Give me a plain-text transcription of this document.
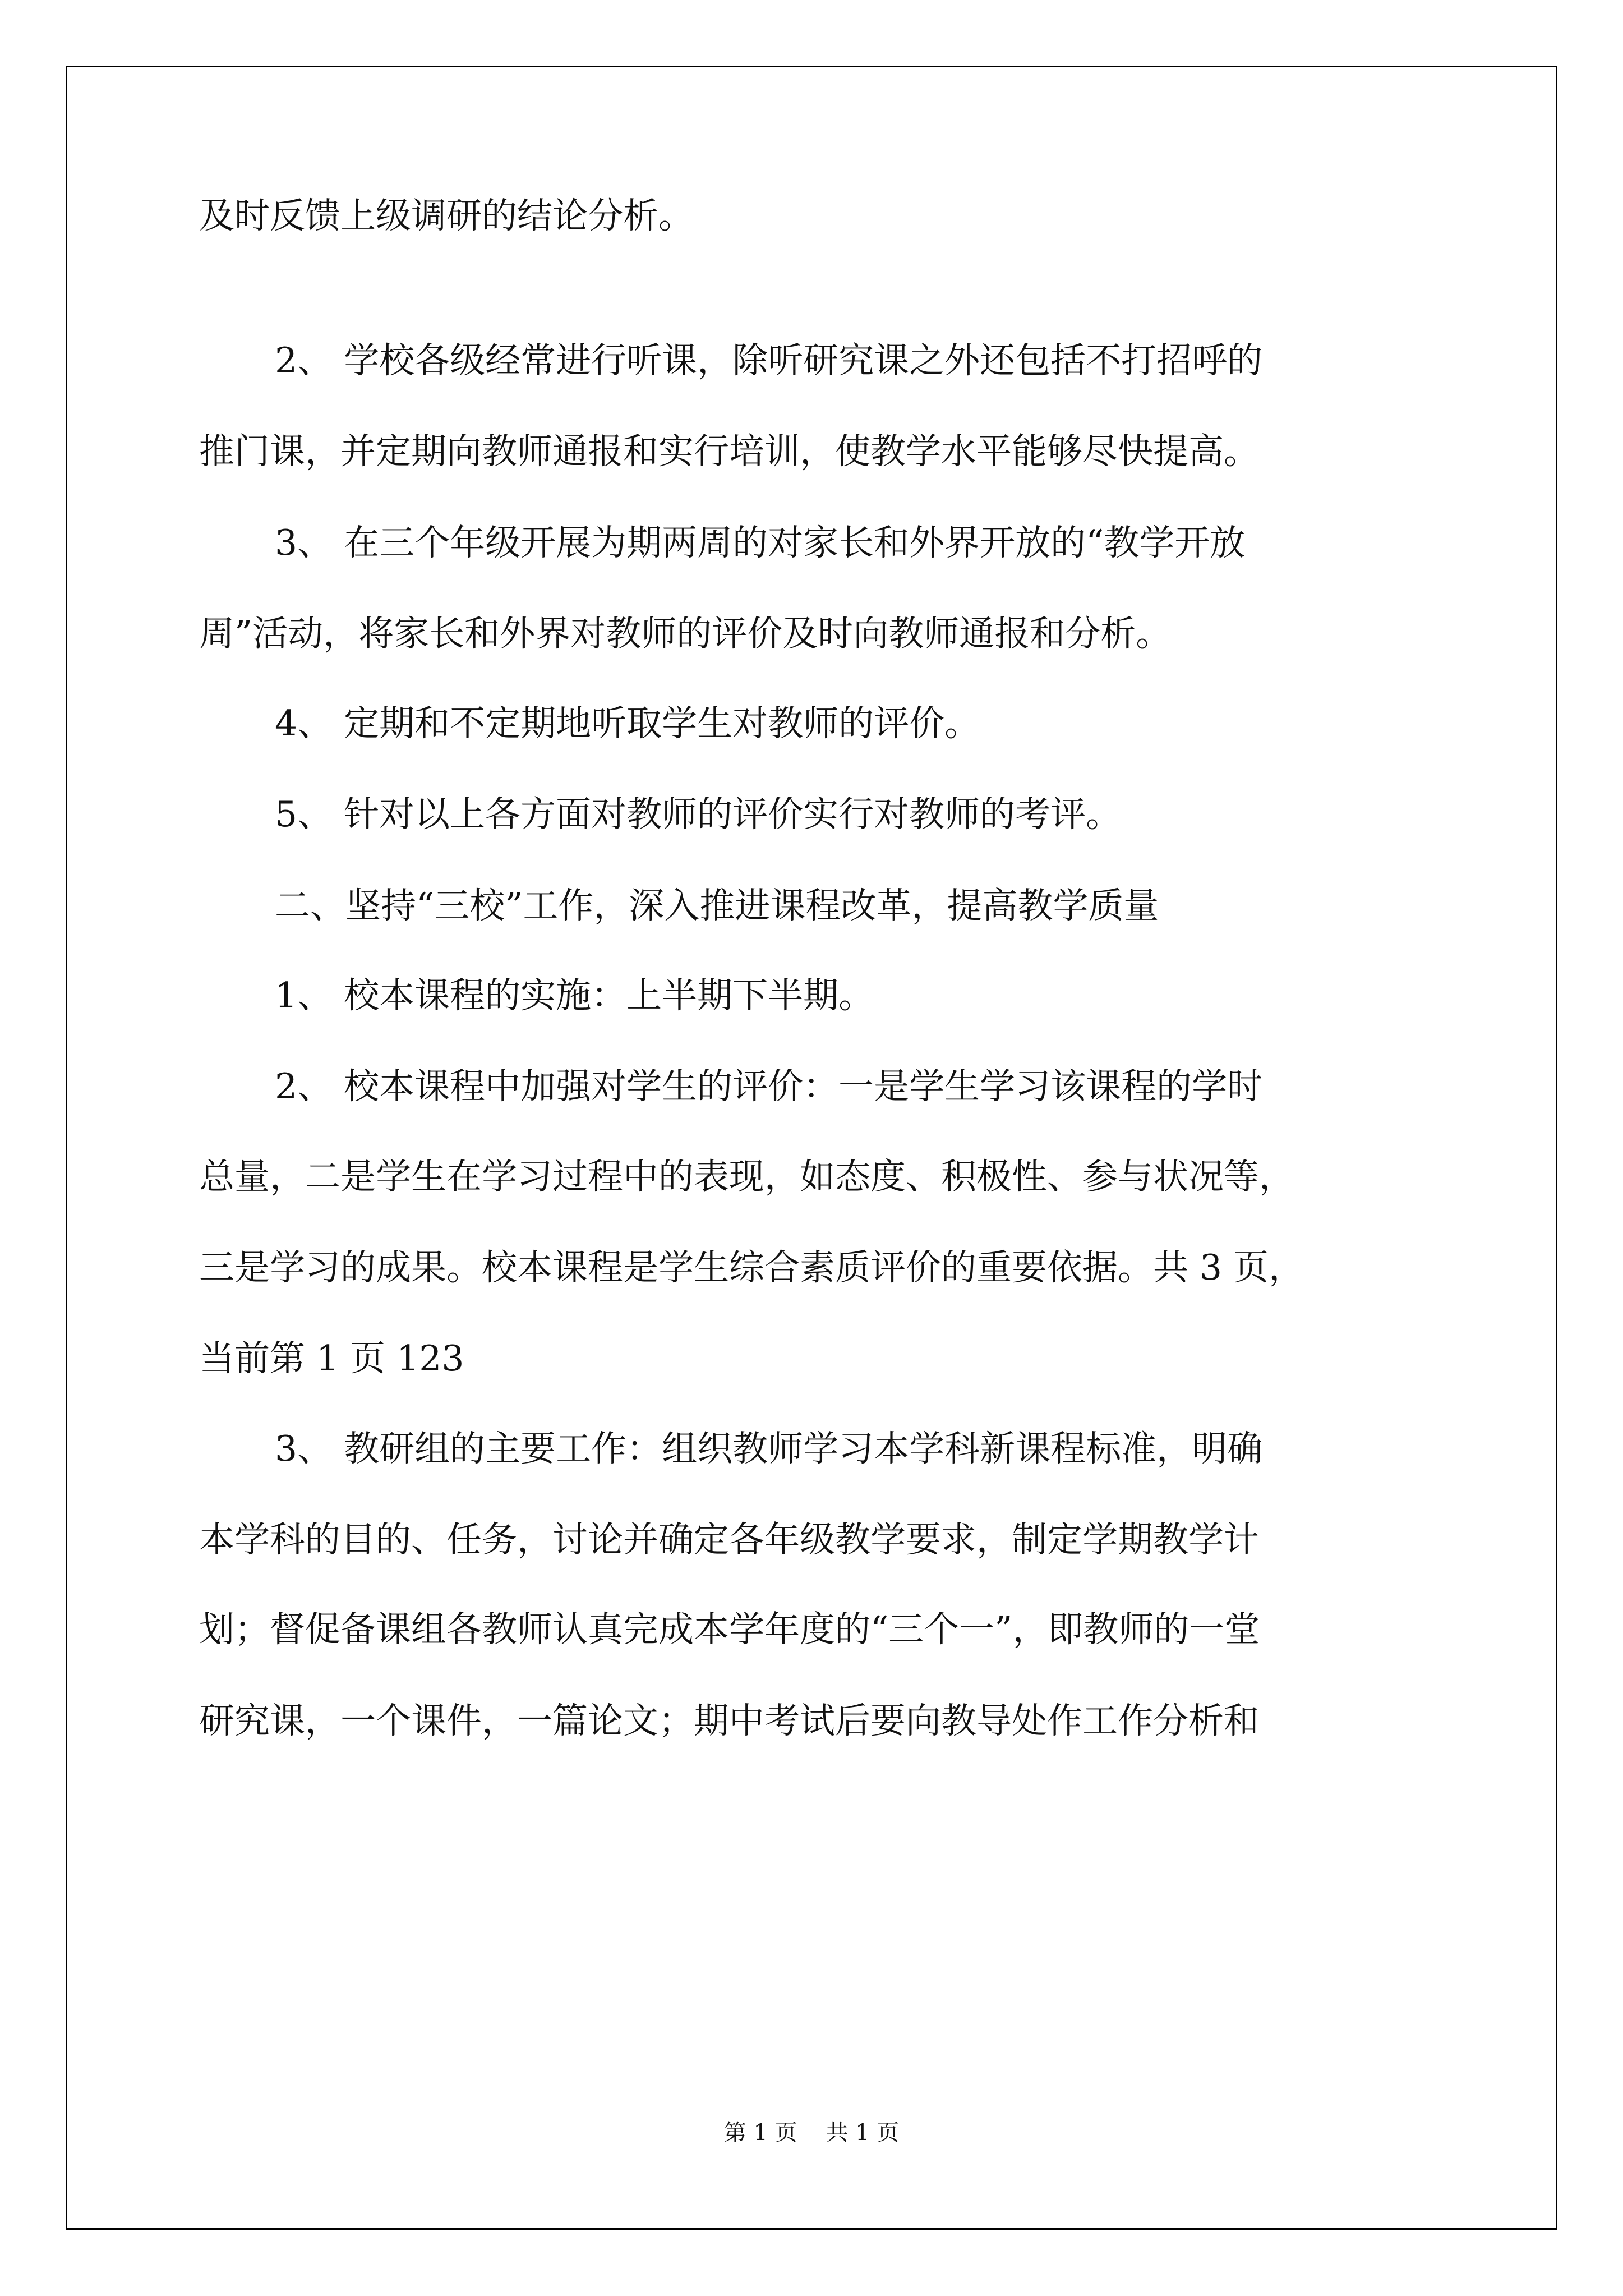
及时反馈上级调研的结论分析。
2、 学校各级经常进行听课，除听研究课之外还包括不打招呼的
推门课，并定期向教师通报和实行培训，使教学水平能够尽快提高。
3、 在三个年级开展为期两周的对家长和外界开放的“教学开放
周”活动，将家长和外界对教师的评价及时向教师通报和分析。
4、 定期和不定期地听取学生对教师的评价。
5、 针对以上各方面对教师的评价实行对教师的考评。
二、坚持“三校”工作，深入推进课程改革，提高教学质量
1、 校本课程的实施：上半期下半期。
2、 校本课程中加强对学生的评价：一是学生学习该课程的学时
总量，二是学生在学习过程中的表现，如态度、积极性、参与状况等，
三是学习的成果。校本课程是学生综合素质评价的重要依据。共 3 页，
当前第 1 页 123
3、 教研组的主要工作：组织教师学习本学科新课程标准，明确
本学科的目的、任务，讨论并确定各年级教学要求，制定学期教学计
划；督促备课组各教师认真完成本学年度的“三个一”，即教师的一堂
研究课，一个课件，一篇论文；期中考试后要向教导处作工作分析和
第 1 页    共 1 页
